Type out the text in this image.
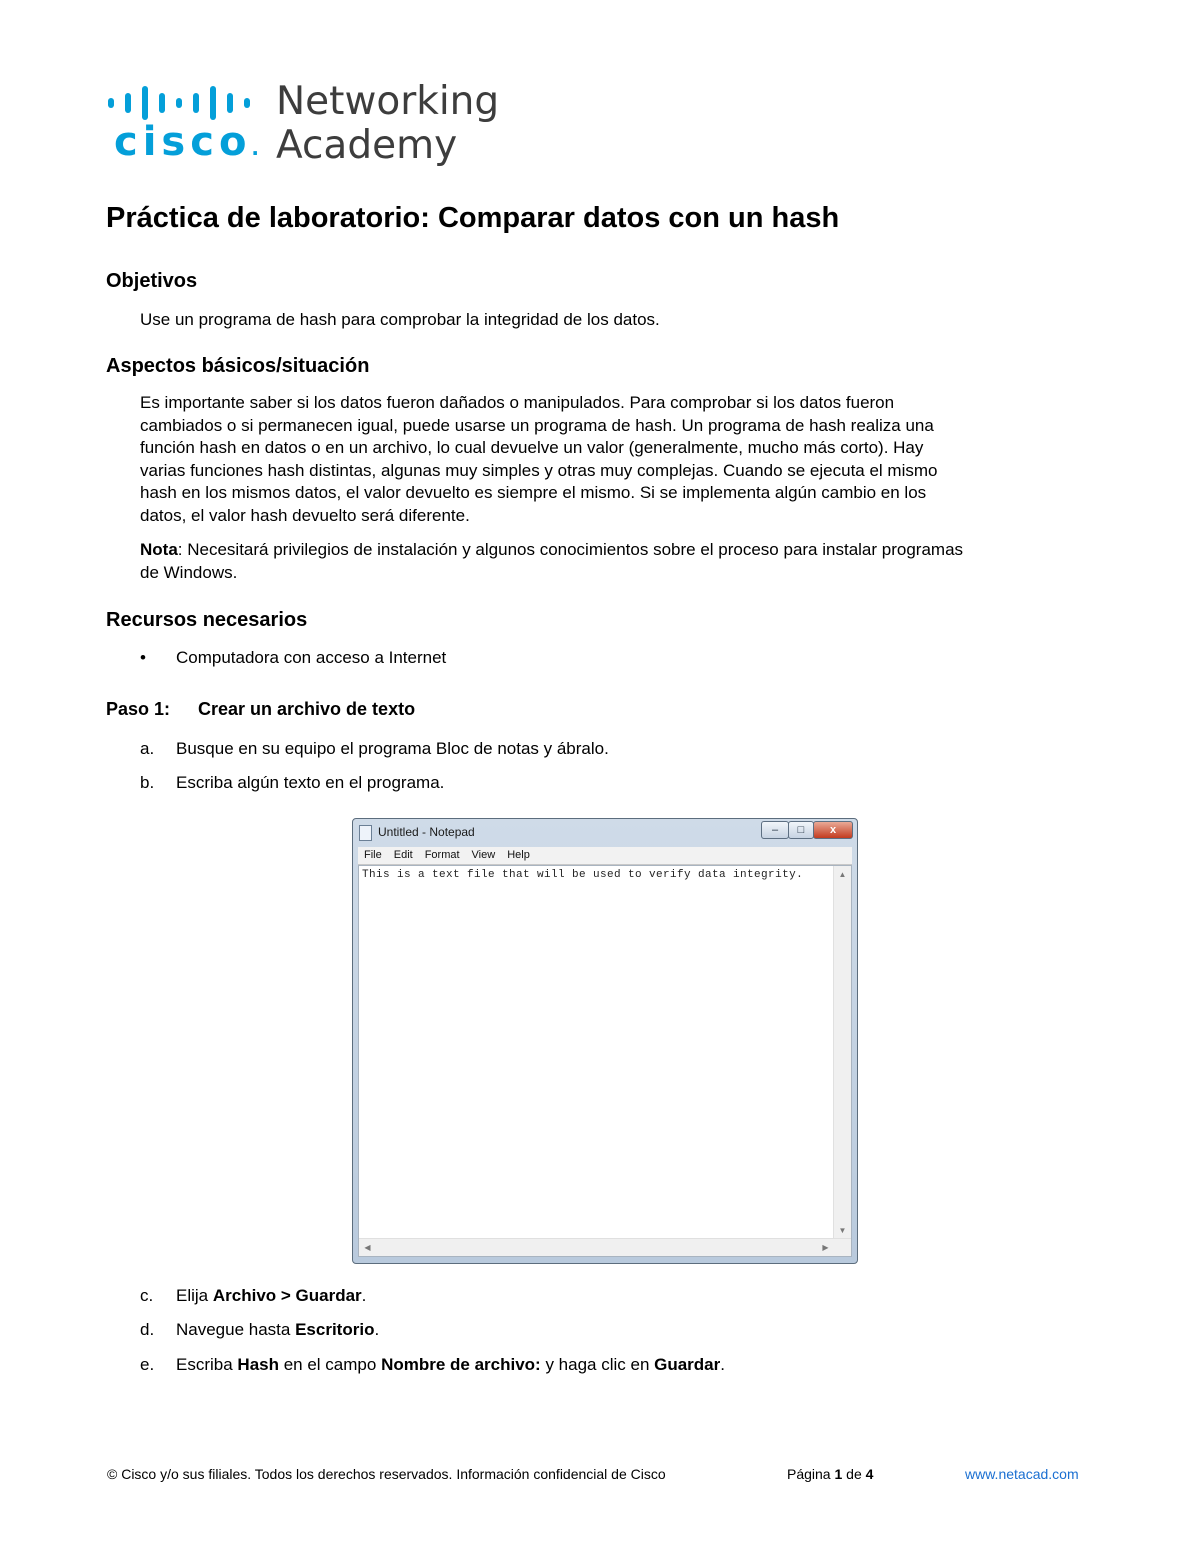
cisco.
Networking
Academy
Práctica de laboratorio: Comparar datos con un hash
Objetivos
Use un programa de hash para comprobar la integridad de los datos.
Aspectos básicos/situación
Es importante saber si los datos fueron dañados o manipulados. Para comprobar si los datos fueron
cambiados o si permanecen igual, puede usarse un programa de hash. Un programa de hash realiza una
función hash en datos o en un archivo, lo cual devuelve un valor (generalmente, mucho más corto). Hay
varias funciones hash distintas, algunas muy simples y otras muy complejas. Cuando se ejecuta el mismo
hash en los mismos datos, el valor devuelto es siempre el mismo. Si se implementa algún cambio en los
datos, el valor hash devuelto será diferente.
Nota: Necesitará privilegios de instalación y algunos conocimientos sobre el proceso para instalar programas
de Windows.
Recursos necesarios
• Computadora con acceso a Internet
Paso 1: Crear un archivo de texto
a. Busque en su equipo el programa Bloc de notas y ábralo.
b. Escriba algún texto en el programa.
Untitled - Notepad	–	□	x
File Edit Format View Help
This is a text file that will be used to verify data integrity.	▲
▼
◀	▶
c. Elija Archivo > Guardar.
d. Navegue hasta Escritorio.
e. Escriba Hash en el campo Nombre de archivo: y haga clic en Guardar.
© Cisco y/o sus filiales. Todos los derechos reservados. Información confidencial de Cisco	Página 1 de 4	www.netacad.com
